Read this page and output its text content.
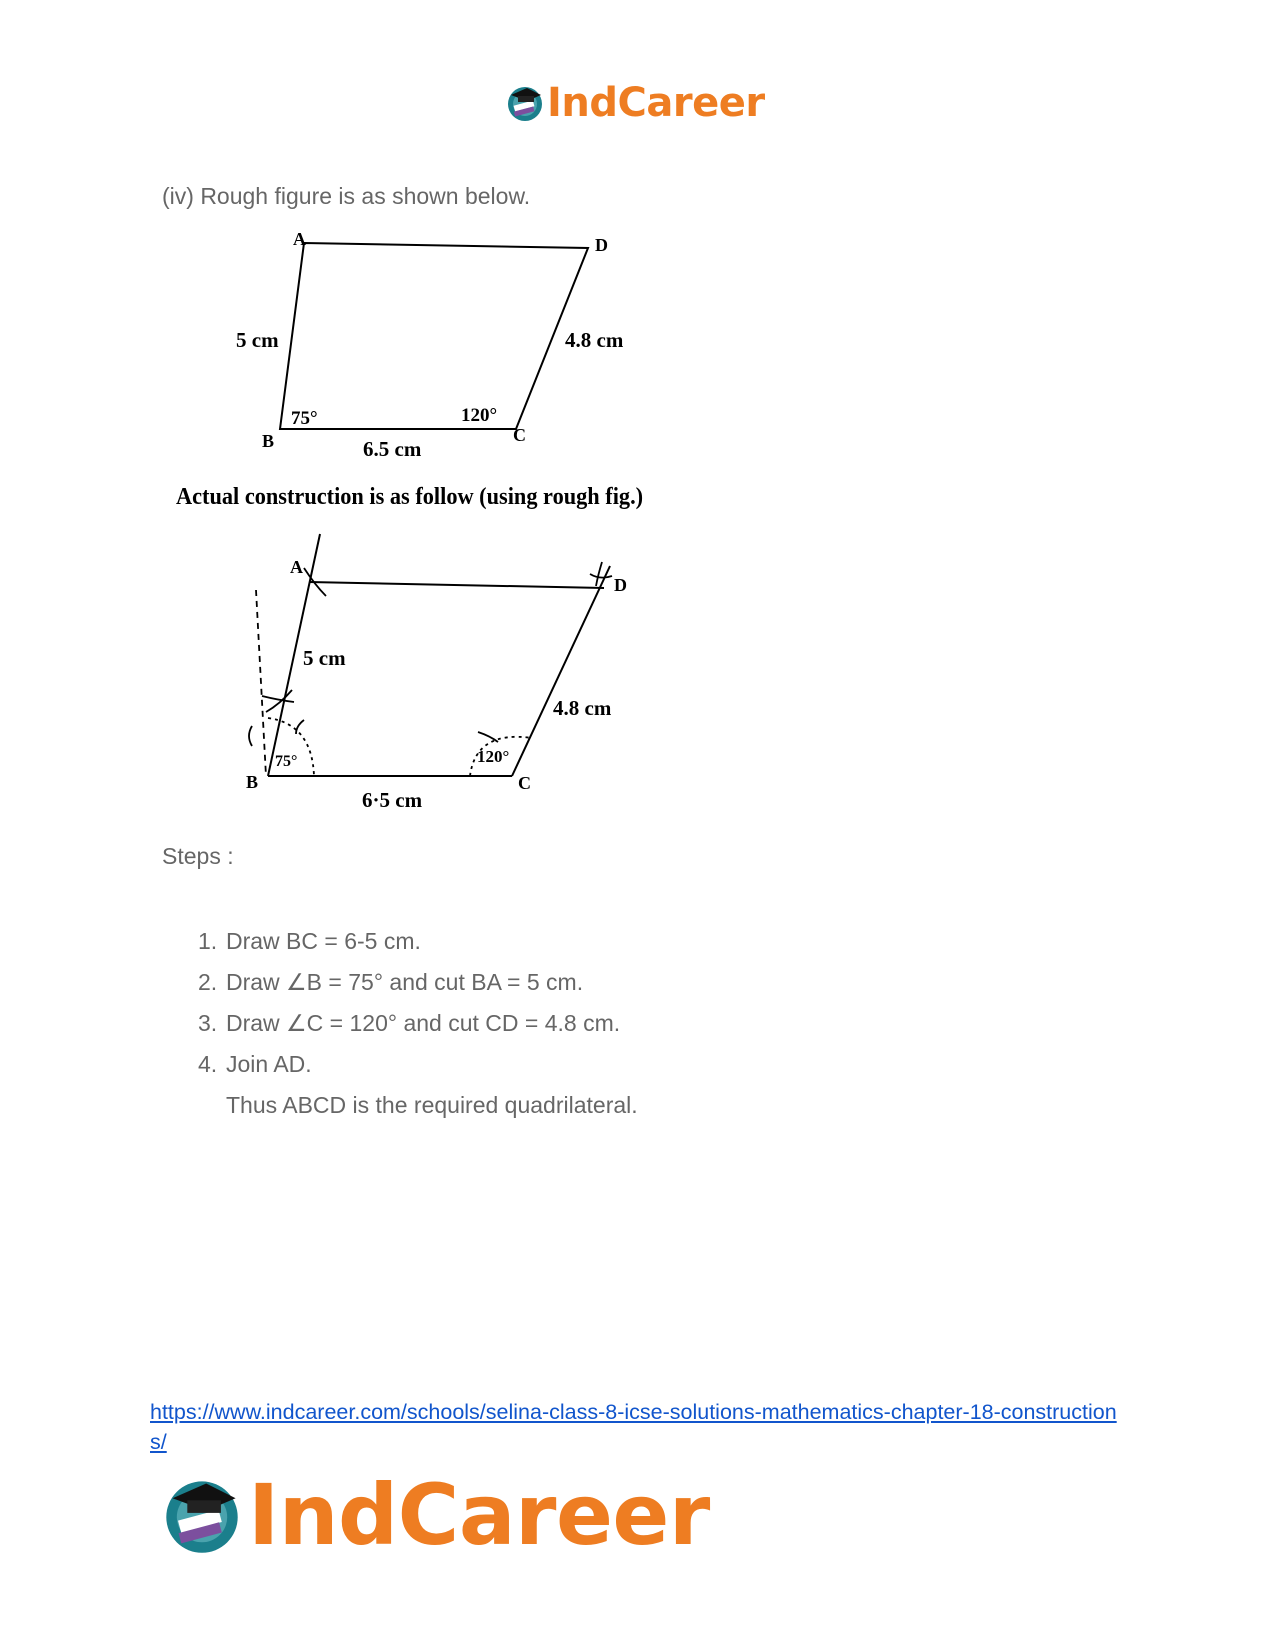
IndCareer
(iv) Rough figure is as shown below.
A	D
B	C
5 cm	4.8 cm
6.5 cm
75°	120°
Actual construction is as follow (using rough fig.)
A
D
B	C
5 cm
4.8 cm
6·5 cm
75°	120°
Steps :
1. Draw BC = 6-5 cm.
2. Draw ∠B = 75° and cut BA = 5 cm.
3. Draw ∠C = 120° and cut CD = 4.8 cm.
4. Join AD.
Thus ABCD is the required quadrilateral.
https://www.indcareer.com/schools/selina-class-8-icse-solutions-mathematics-chapter-18-constructions/
IndCareer
